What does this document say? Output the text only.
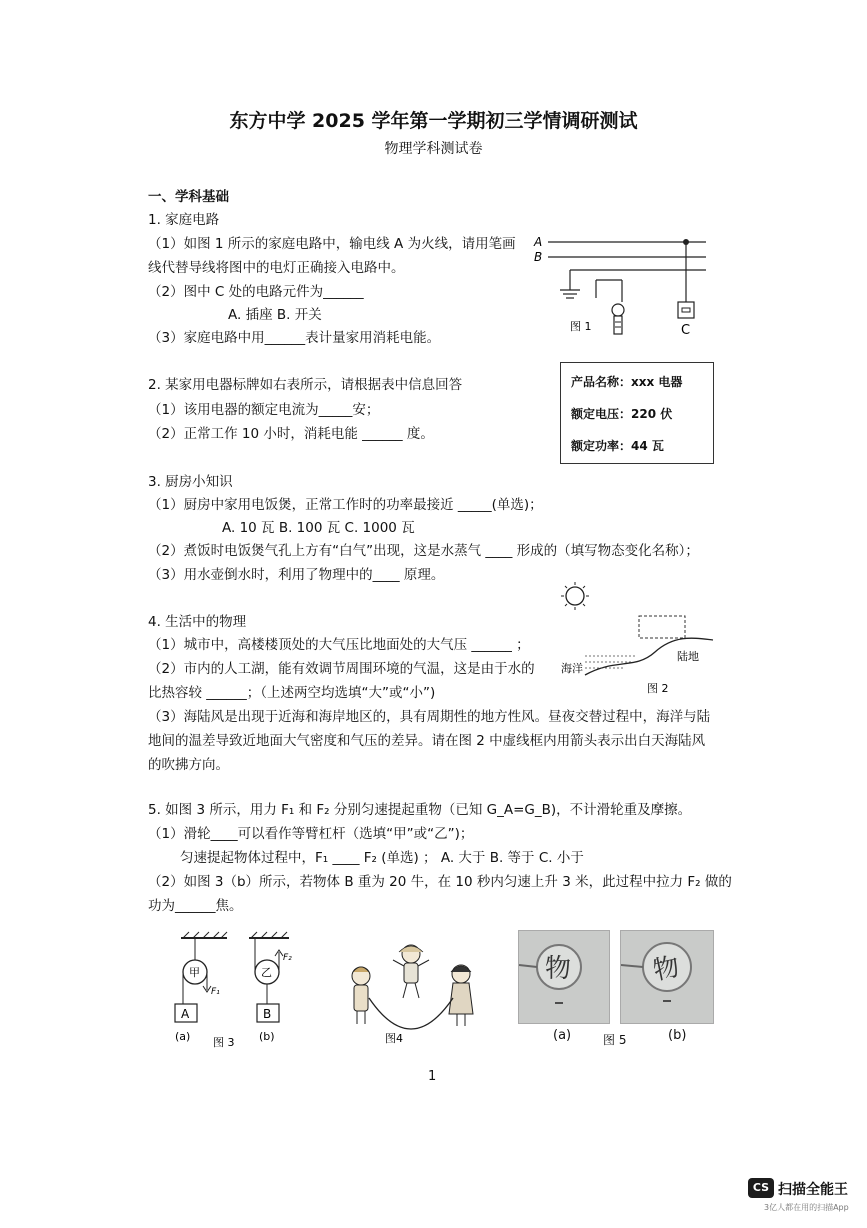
东方中学 2025 学年第一学期初三学情调研测试
物理学科测试卷
一、学科基础
1. 家庭电路
（1）如图 1 所示的家庭电路中，输电线 A 为火线，请用笔画
线代替导线将图中的电灯正确接入电路中。
（2）图中 C 处的电路元件为______
A. 插座 B. 开关
（3）家庭电路中用______表计量家用消耗电能。
A
B
C
图 1
2. 某家用电器标牌如右表所示，请根据表中信息回答
（1）该用电器的额定电流为_____安；
（2）正常工作 10 小时，消耗电能 ______ 度。
产品名称：xxx 电器
额定电压：220 伏
额定功率：44 瓦
3. 厨房小知识
（1）厨房中家用电饭煲，正常工作时的功率最接近 _____(单选)；
A. 10 瓦 B. 100 瓦 C. 1000 瓦
（2）煮饭时电饭煲气孔上方有“白气”出现，这是水蒸气 ____ 形成的（填写物态变化名称）；
（3）用水壶倒水时，利用了物理中的____ 原理。
4. 生活中的物理
（1）城市中，高楼楼顶处的大气压比地面处的大气压 ______ ；
（2）市内的人工湖，能有效调节周围环境的气温，这是由于水的
比热容较 ______；（上述两空均选填“大”或“小”)
（3）海陆风是出现于近海和海岸地区的，具有周期性的地方性风。昼夜交替过程中，海洋与陆
地间的温差导致近地面大气密度和气压的差异。请在图 2 中虚线框内用箭头表示出白天海陆风
的吹拂方向。
海洋
陆地
图 2
5. 如图 3 所示，用力 F₁ 和 F₂ 分别匀速提起重物（已知 G_A=G_B)，不计滑轮重及摩擦。
（1）滑轮____可以看作等臂杠杆（选填“甲”或“乙”)；
匀速提起物体过程中，F₁ ____ F₂ (单选) ； A. 大于 B. 等于 C. 小于
（2）如图 3（b）所示，若物体 B 重为 20 牛，在 10 秒内匀速上升 3 米，此过程中拉力 F₂ 做的
功为______焦。
甲
F₁
A
(a)
乙
F₂
B
(b)
图 3	图4
物	物
(a)	(b)
图 5
1
CS 扫描全能王
3亿人都在用的扫描App
